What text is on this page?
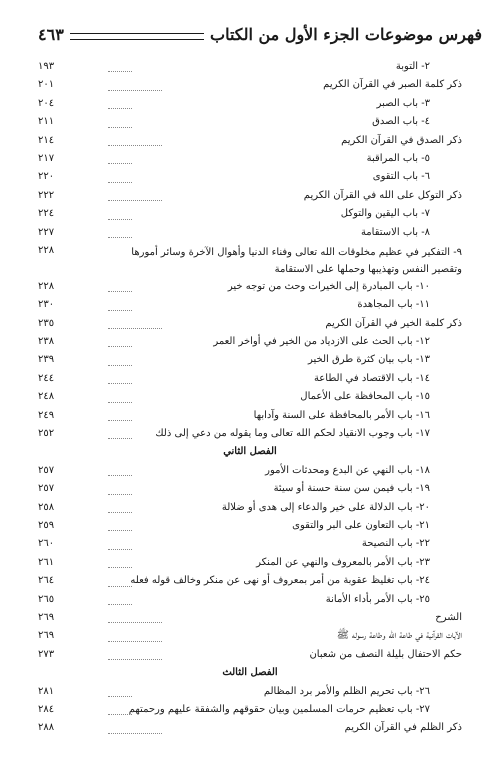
فهرس موضوعات الجزء الأول من الكتاب
٤٦٣
٢- التوبة
١٩٣
ذكر كلمة الصبر في القرآن الكريم
٢٠١
٣- باب الصبر
٢٠٤
٤- باب الصدق
٢١١
ذكر الصدق في القرآن الكريم
٢١٤
٥- باب المراقبة
٢١٧
٦- باب التقوى
٢٢٠
ذكر التوكل على الله في القرآن الكريم
٢٢٢
٧- باب اليقين والتوكل
٢٢٤
٨- باب الاستقامة
٢٢٧
٩- التفكير في عظيم مخلوقات الله تعالى وفناء الدنيا وأهوال الآخرة وسائر أمورها وتقصير النفس وتهذيبها وحملها على الاستقامة
٢٢٨
١٠- باب المبادرة إلى الخيرات وحث من توجه خير
٢٢٨
١١- باب المجاهدة
٢٣٠
ذكر كلمة الخير في القرآن الكريم
٢٣٥
١٢- باب الحث على الازدياد من الخير في أواخر العمر
٢٣٨
١٣- باب بيان كثرة طرق الخير
٢٣٩
١٤- باب الاقتصاد في الطاعة
٢٤٤
١٥- باب المحافظة على الأعمال
٢٤٨
١٦- باب الأمر بالمحافظة على السنة وآدابها
٢٤٩
١٧- باب وجوب الانقياد لحكم الله تعالى وما يقوله من دعي إلى ذلك
٢٥٢
الفصل الثاني
١٨- باب النهي عن البدع ومحدثات الأمور
٢٥٧
١٩- باب فيمن سن سنة حسنة أو سيئة
٢٥٧
٢٠- باب الدلالة على خير والدعاء إلى هدى أو ضلالة
٢٥٨
٢١- باب التعاون على البر والتقوى
٢٥٩
٢٢- باب النصيحة
٢٦٠
٢٣- باب الأمر بالمعروف والنهي عن المنكر
٢٦١
٢٤- باب تغليظ عقوبة من أمر بمعروف أو نهى عن منكر وخالف قوله فعله
٢٦٤
٢٥- باب الأمر بأداء الأمانة
٢٦٥
الشرح
٢٦٩
الآيات القرآنية في طاعة الله وطاعة رسوله ﷺ
٢٦٩
حكم الاحتفال بليلة النصف من شعبان
٢٧٣
الفصل الثالث
٢٦- باب تحريم الظلم والأمر برد المظالم
٢٨١
٢٧- باب تعظيم حرمات المسلمين وبيان حقوقهم والشفقة عليهم ورحمتهم
٢٨٤
ذكر الظلم في القرآن الكريم
٢٨٨
